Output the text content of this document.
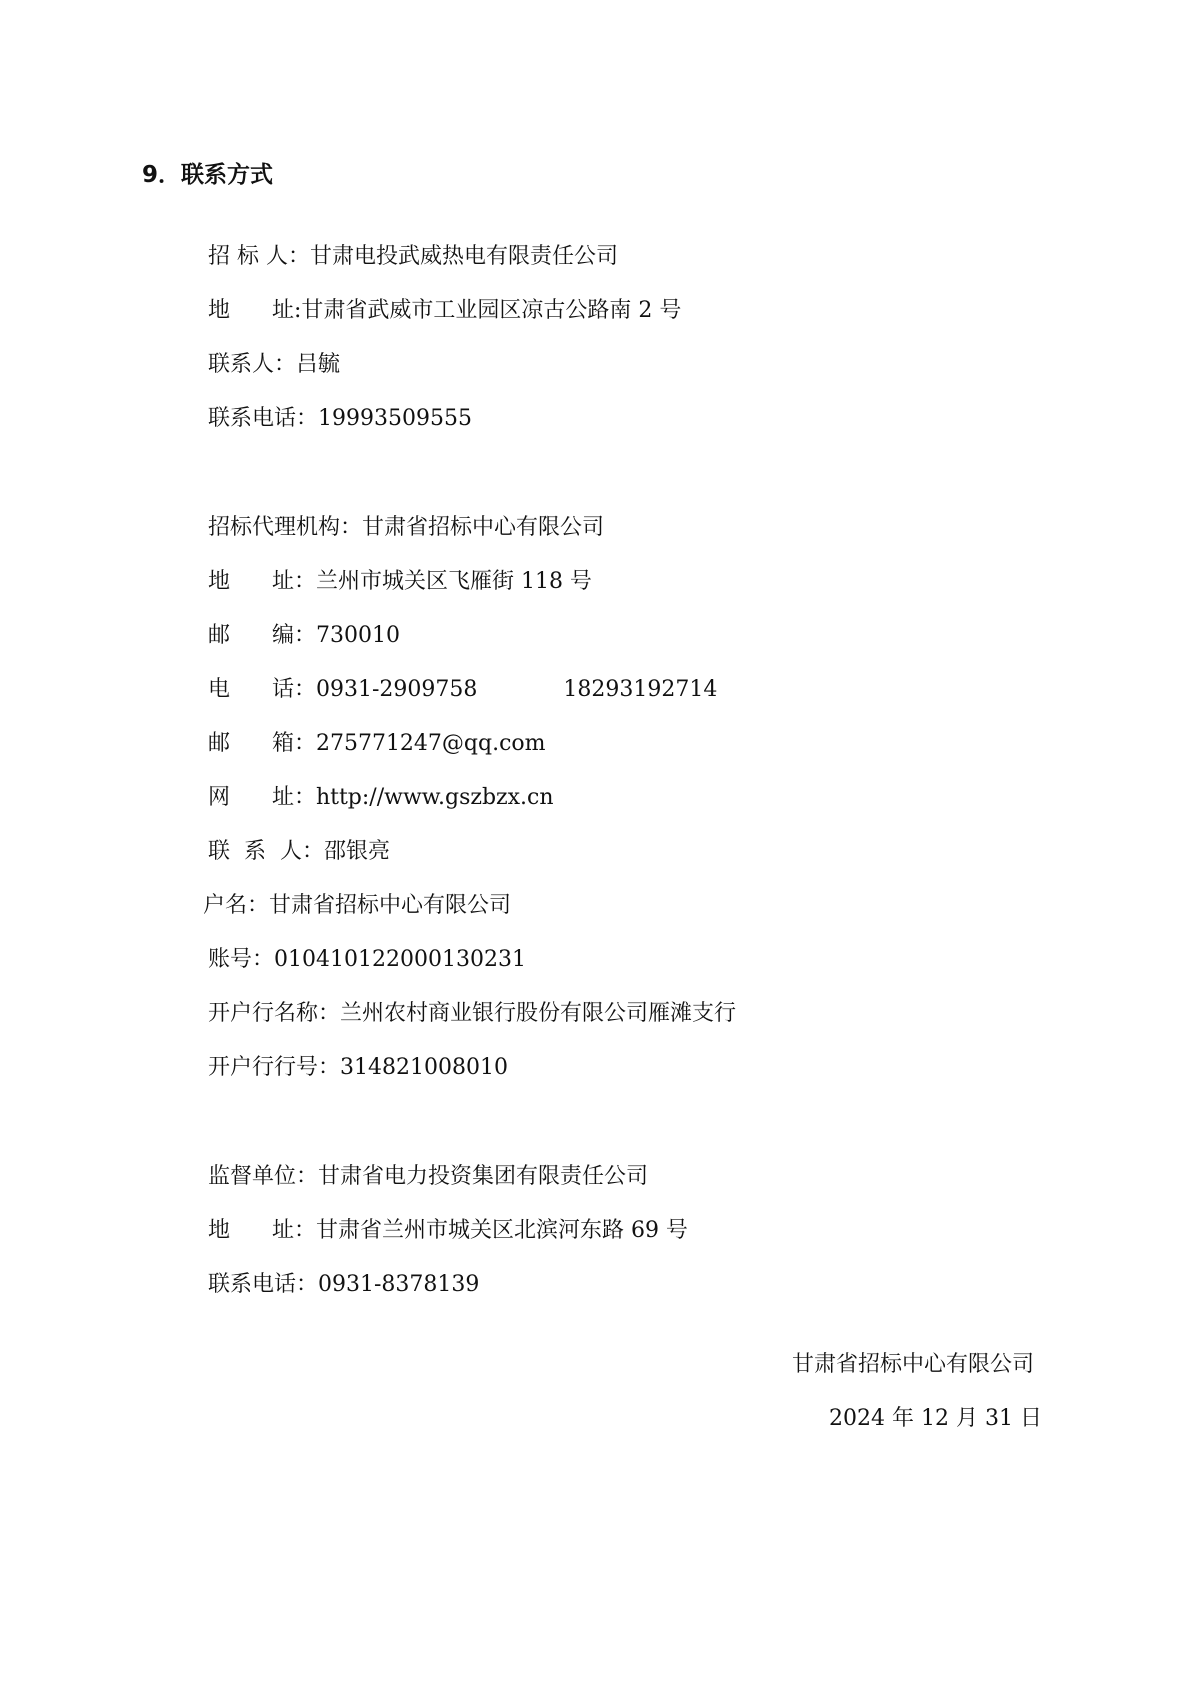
9．联系方式

招 标 人：甘肃电投武威热电有限责任公司

地      址:甘肃省武威市工业园区凉古公路南 2 号

联系人：吕毓

联系电话：19993509555

招标代理机构：甘肃省招标中心有限公司

地      址：兰州市城关区飞雁街 118 号

邮      编：730010

电      话：0931-2909758	18293192714

邮      箱：275771247@qq.com

网      址：http://www.gszbzx.cn

联  系  人：邵银亮

户名：甘肃省招标中心有限公司

账号：010410122000130231

开户行名称：兰州农村商业银行股份有限公司雁滩支行

开户行行号：314821008010

监督单位：甘肃省电力投资集团有限责任公司

地      址：甘肃省兰州市城关区北滨河东路 69 号

联系电话：0931-8378139

甘肃省招标中心有限公司
2024 年 12 月 31 日
